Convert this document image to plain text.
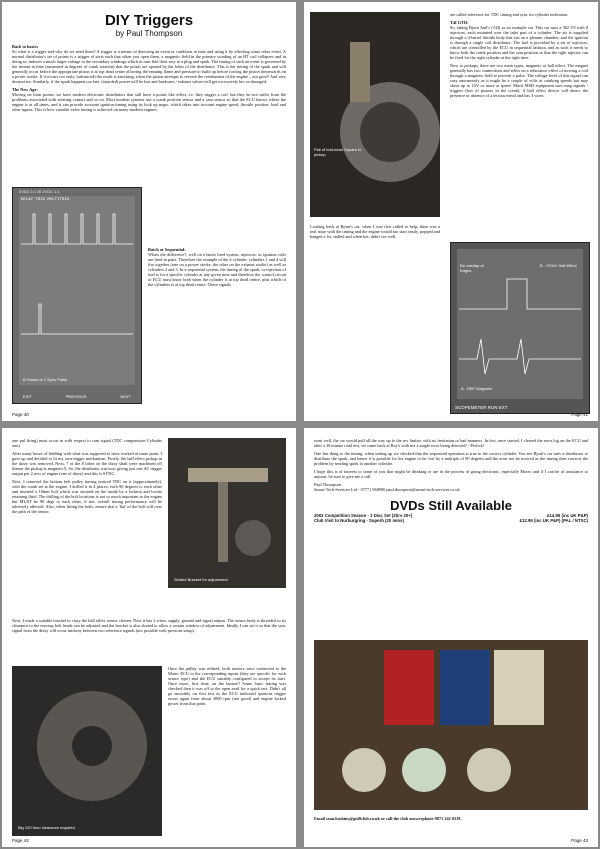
DIY Triggers
by Paul Thompson

Back to basics

So what is a trigger and why do we need them? A trigger is a means of detecting an event or condition in time and using it by effecting some other event. A normal distributor's set of points is a trigger of sorts each that when you open them, a magnetic field in the primary winding of an HT coil collapses and in doing so, induces a much larger voltage in the secondary windings which in turn find their way to a plug and spark. The timing of such an event is governed by the instant in time (measured in degrees of crank rotation) that the points are opened by the lobes of the distributor. This is the timing of the spark and will generally occur before the appropriate piston is at top dead centre allowing the ensuing flame and pressure to build up before forcing the piston downwards on a power stroke. If it occurs too early, (advanced) the result is knocking, when the piston attempts to reverse the combustion of the engine – not good! And very destructive. Similarly, if the spark happens too late, (retarded) power will be lost and hardware / exhaust valves will get excessively hot or damaged.

The New Age:

Moving on from points, we have modern electronic distributors that still have a points like effect, i.e. they trigger a coil, but they do not suffer from the problems associated with wearing contact and so on. Most modern systems use a crank position sensor and a cam sensor so that the ECU knows where the engine is at all times, and it can provide accurate ignition timing using its look up maps, which takes into account engine speed, throttle position, load and other inputs. This is how variable valve timing is achieved on many modern engines.

2VDC 1:1 BI 2VDC 1:1
DELAY TRIG MULTITRIG
6 Pulses to 1 Sync Pulse
EXIT	PREVIOUS	NEXT

Batch or Sequential:

Whats the difference?, well on a batch fired system, injectors, or ignition coils are fired in pairs. Therefore the example of the 4 cylinder, cylinders 1 and 4 will fire together (one on a power stroke, the other on the exhaust stroke) as well as cylinders 2 and 3. In a sequential system, the timing of the spark, or injection of fuel is for a specific cylinder at any given time and therefore the control circuit or ECU must know both when the cylinder is at top dead centre, plus which of the cylinders is at top dead centre. These signals

Page 40
Flat of bolt-head Square to pickup

are called reference for TDC timing and sync for cylinder indication.

T4I GTD:

So, taking Bjorn Aml's (T4I) as an example car. This car runs a 302 V8 with 8 injectors, each mounted over the inlet port of a cylinder. The air is supplied through a 4-barrel throttle body that sits on a plenum chamber, and the ignition is through a single coil distributor. The fuel is provided by a set of injectors, which are controlled by the ECU in sequential fashion, and as such it needs to know both the crank position and the cam position so that the right injector can be fired for the right cylinder at the right time.

Now to pickups, there are two main types, magnetic or hall effect. The magnet generally has two connections and relies on a reluctance effect of moving a coil through a magnetic field to provide a pulse. The voltage level of this signal can vary enormously as it might be a couple of volts at cranking speeds but may shoot up to 10V or more at speed. Much MSD equipment uses mag signals / triggers (lots of pistons in the crank). A hall effect device will detect the presence or absence of a ferrous metal and has 3 wires.

Looking back at Bjorn's car, when I was first called to help, there was a real issue with the timing and the engine would not start easily, popped and banged a lot, stalled and when hot, didn't rev well.

No overlap of Edges
B - SYNC Hall Effect
A - REF Magnetic
SCOPEMETER RUN EXT
Page 41

one pul firing) must occur in with respect to cam signal (TDC compression Cylinder one).

After many hours of fiddling with what was supposed to have worked at some point, I gave up and decided to fit my own trigger mechanism. Firstly, the hall effect pickup in the dizzy was removed. Next, 7 of the 8 lobes on the dizzy shaft were machined off (hence the pickup is magnetic!). So, the distributor was now giving just one AC trigger output per 2 revs of engine (one of dizzy) and this is SYNC.

Next, I removed the bottom belt pulley having noticed TDC on it (approximately), with the crank set at the engine, I drilled it in 4 places, each 90 degrees to each other and inserted a 10mm bolt which was secured on the inside by a locknut and loctite retaining fluid. The drilling of the bolt locations is not so much important to the engine but MUST be 90 degs to each other, if not, overall timing performance will be adversely affected. Also, when fitting the bolts, ensure that a 'flat' of the bolt will over the path of the sensor.

Slotted Bracket for adjustment

Next, I made a suitable bracket to carry the hall effect sensor chosen. Note it has 3 wires, supply, ground and signal output. The sensor body is threaded so its clearance to the moving bolt heads can be adjusted and the bracket is also slotted to allow a certain window of adjustment. Ideally I can set it so that the sync signal from the dizzy will occur midway between two reference signals (not possible with previous setup).

Big 120 thou clearance required

Once the pulley was refitted, both sensors were connected to the Motec ECU to the corresponding inputs (they are specific for each sensor type) and the ECU suitably configured to accept its start. Once more, first time, on the button!! Some basic timing was checked then it was off to the open road for a quick test. Didn't all go smoothly on first test as the ECU indicated spurious trigger errors again from about 3000 rpm (not good) and engine kicked power from that point.

Page 42

went well, the car would pull all the way up to the rev limiter, with no hesitation or bad manners. In fact, once started, I cleared the error log on the ECU and after a 30 minute road test, we came back at Roy's with not a single error being detected! - Perfick!

One last thing to the timing, when setting up we checked that the sequential operation is true to the correct cylinder. You see Bjorn's car uses a distributor to distribute the spark, and hence it is possible for the engine to be 'out' by a multiple of 90 degrees and the error not be noticed as the timing then corrects the problem by sending spark to another cylinder.

I hope this is of interest to some of you that might be thinking or are in the process of going electronic, especially Motec and if I can be of assistance to anyone, be sure to give me a call.

Paul Thompson

Smart-Tech-Services Ltd - 07771 968090 paul.thompson@smart-tech-services.co.uk

DVDs Still Available
2002 Competition Season - 2 Disc Set (2hrs 20+)	£14.95 (inc UK P&P)
Club Visit to Nurburgring - Superb (20 mins)	£12.95 (inc UK P&P) (PAL / NTSC)

Email sean.hoskins@gt40club.co.uk or call the club answerphone 0871 242 0219.

Page 43
